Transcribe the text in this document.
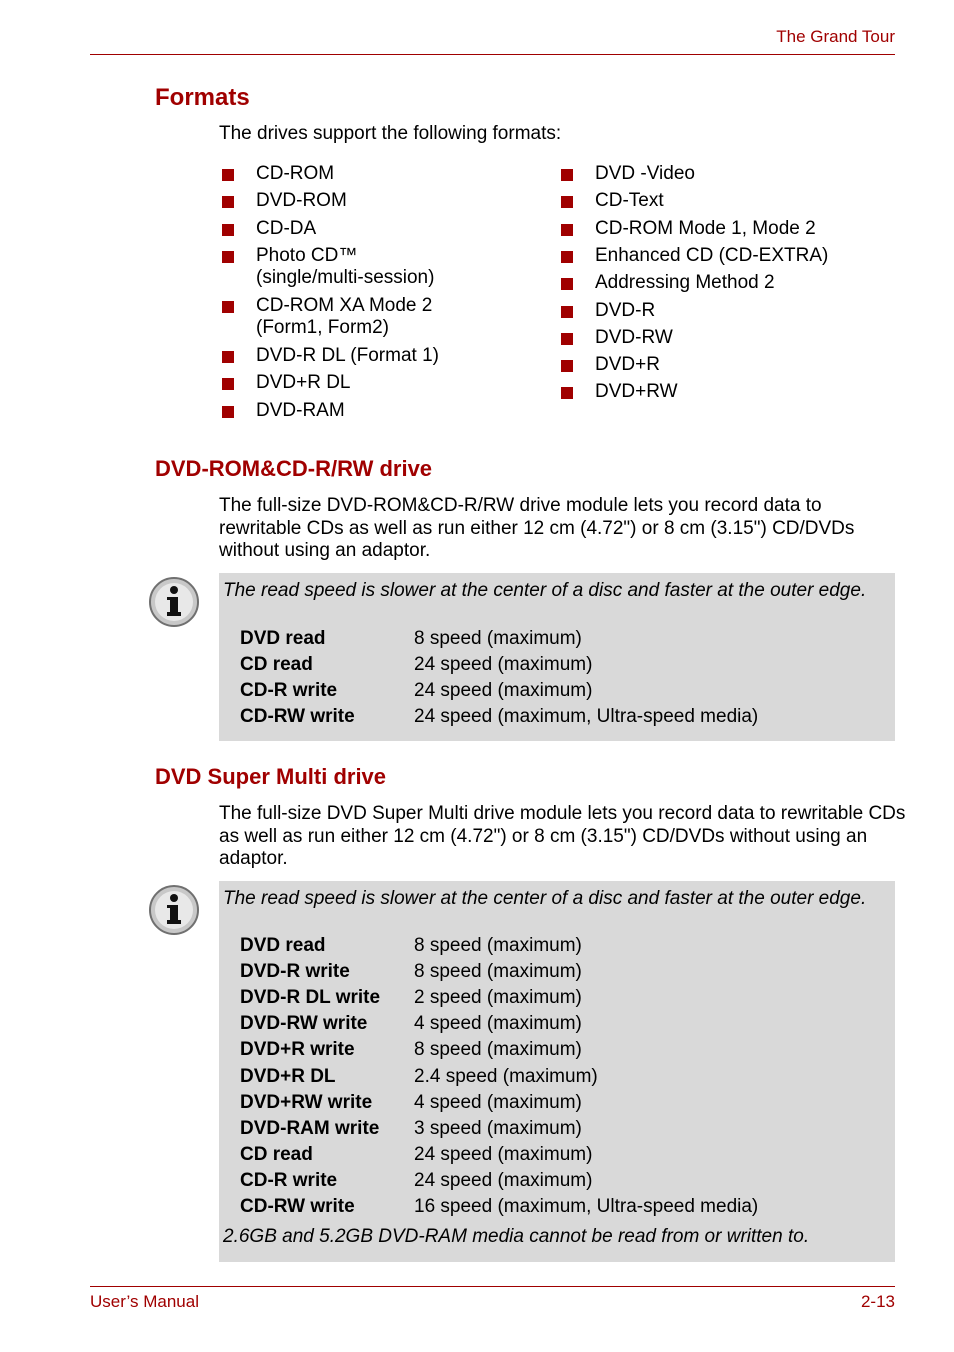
The Grand Tour
Formats
The drives support the following formats:
CD-ROM
DVD-ROM
CD-DA
Photo CD™
(single/multi-session)
CD-ROM XA Mode 2
(Form1, Form2)
DVD-R DL (Format 1)
DVD+R DL
DVD-RAM
DVD -Video
CD-Text
CD-ROM Mode 1, Mode 2
Enhanced CD (CD-EXTRA)
Addressing Method 2
DVD-R
DVD-RW
DVD+R
DVD+RW
DVD-ROM&CD-R/RW drive
The full-size DVD-ROM&CD-R/RW drive module lets you record data to rewritable CDs as well as run either 12 cm (4.72") or 8 cm (3.15") CD/DVDs without using an adaptor.
The read speed is slower at the center of a disc and faster at the outer edge.
DVD read	8 speed (maximum)
CD read	24 speed (maximum)
CD-R write	24 speed (maximum)
CD-RW write	24 speed (maximum, Ultra-speed media)
DVD Super Multi drive
The full-size DVD Super Multi drive module lets you record data to rewritable CDs as well as run either 12 cm (4.72") or 8 cm (3.15") CD/DVDs without using an adaptor.
The read speed is slower at the center of a disc and faster at the outer edge.
DVD read	8 speed (maximum)
DVD-R write	8 speed (maximum)
DVD-R DL write 2 speed (maximum)
DVD-RW write 4 speed (maximum)
DVD+R write	8 speed (maximum)
DVD+R DL	2.4 speed (maximum)
DVD+RW write 4 speed (maximum)
DVD-RAM write 3 speed (maximum)
CD read	24 speed (maximum)
CD-R write	24 speed (maximum)
CD-RW write	16 speed (maximum, Ultra-speed media)
2.6GB and 5.2GB DVD-RAM media cannot be read from or written to.
User’s Manual	2-13
